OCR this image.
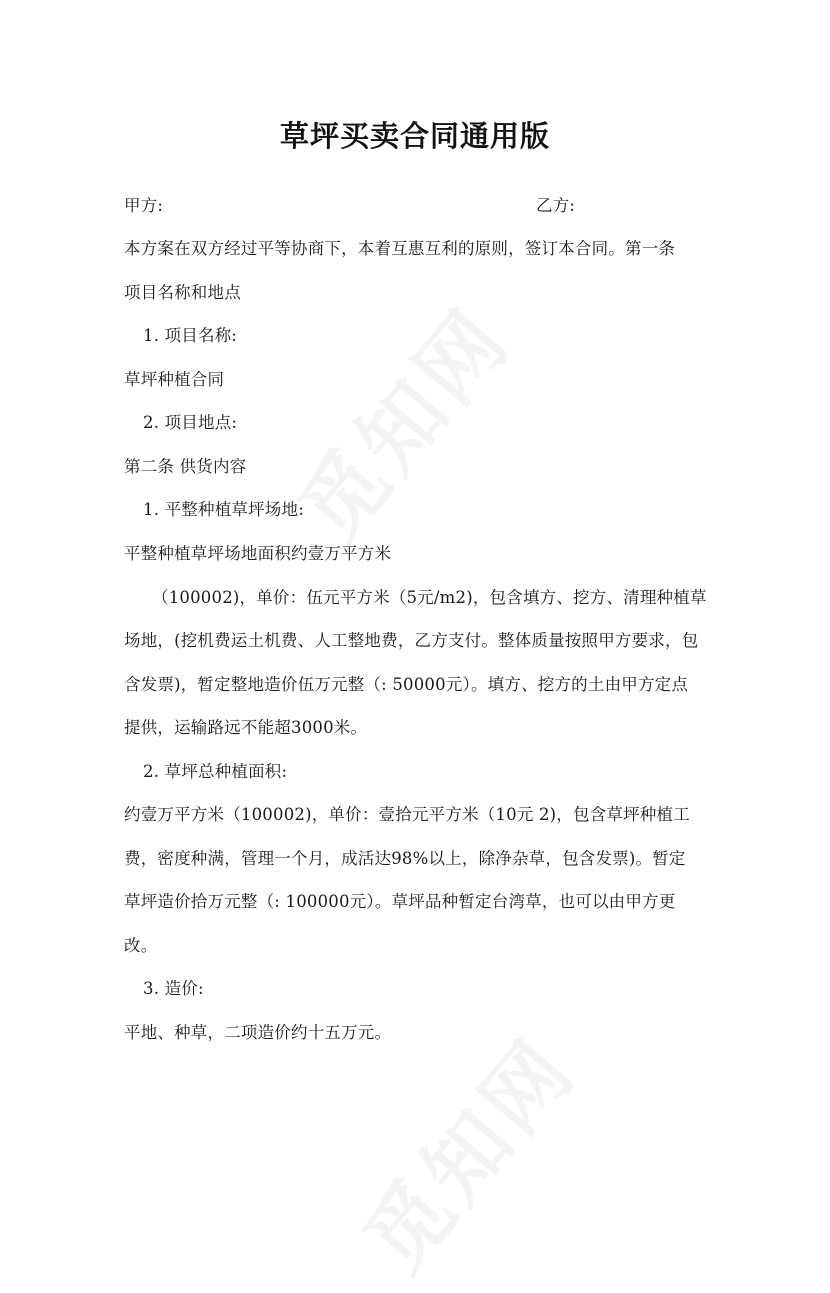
草坪买卖合同通用版

甲方:	乙方:

本方案在双方经过平等协商下，本着互惠互利的原则，签订本合同。第一条

项目名称和地点

1. 项目名称:

草坪种植合同

2. 项目地点:

第二条 供货内容

1. 平整种植草坪场地:

平整种植草坪场地面积约壹万平方米

（100002)，单价：伍元平方米（5元/m2)，包含填方、挖方、清理种植草

场地，(挖机费运土机费、人工整地费，乙方支付。整体质量按照甲方要求，包

含发票)，暂定整地造价伍万元整（: 50000元）。填方、挖方的土由甲方定点

提供，运输路远不能超3000米。

2. 草坪总种植面积:

约壹万平方米（100002)，单价：壹拾元平方米（10元 2)，包含草坪种植工

费，密度种满，管理一个月，成活达98%以上，除净杂草，包含发票)。暂定

草坪造价拾万元整（: 100000元）。草坪品种暂定台湾草，也可以由甲方更

改。

3. 造价:

平地、种草，二项造价约十五万元。
